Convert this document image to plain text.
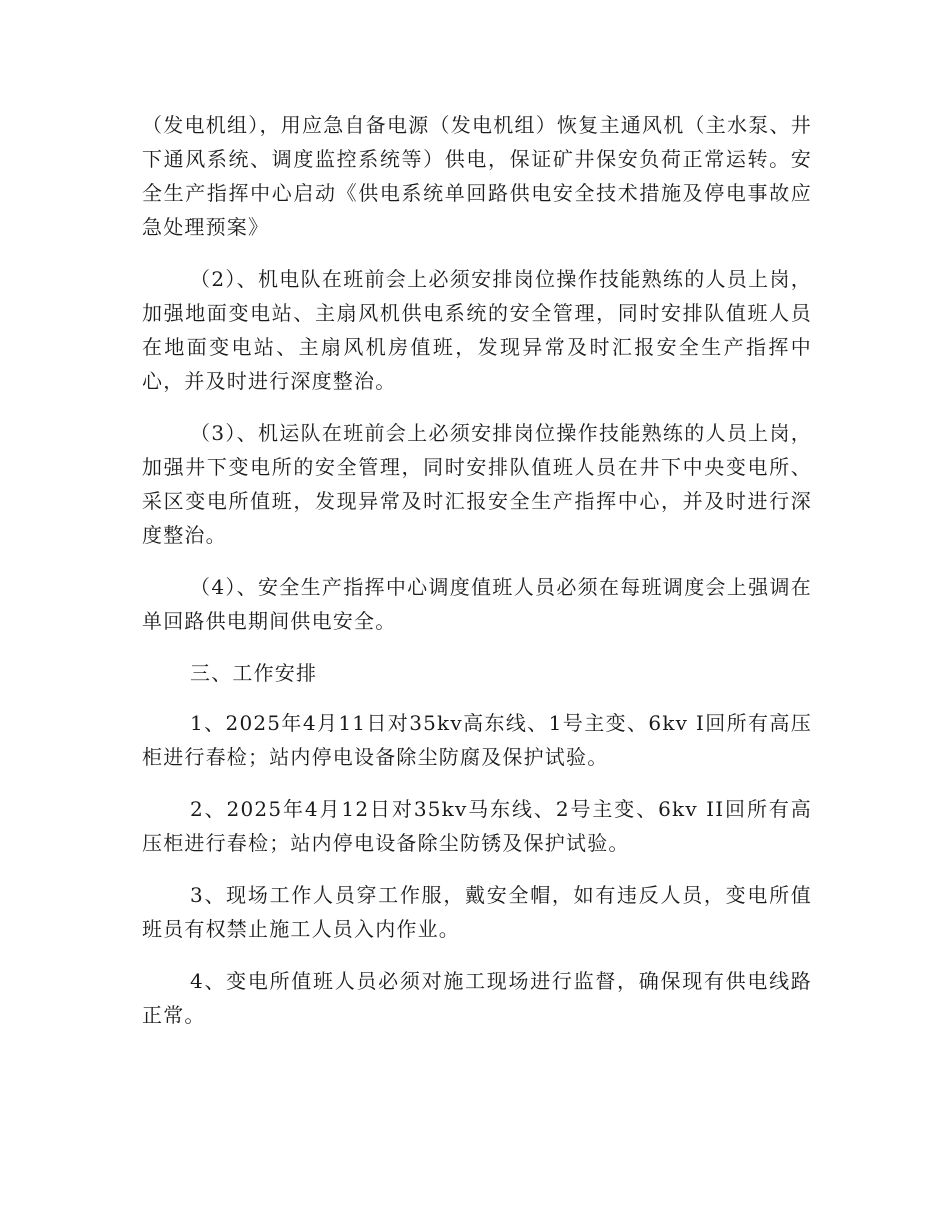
（发电机组），用应急自备电源（发电机组）恢复主通风机（主水泵、井下通风系统、调度监控系统等）供电，保证矿井保安负荷正常运转。安全生产指挥中心启动《供电系统单回路供电安全技术措施及停电事故应急处理预案》

（2）、机电队在班前会上必须安排岗位操作技能熟练的人员上岗，加强地面变电站、主扇风机供电系统的安全管理，同时安排队值班人员在地面变电站、主扇风机房值班，发现异常及时汇报安全生产指挥中心，并及时进行深度整治。

（3）、机运队在班前会上必须安排岗位操作技能熟练的人员上岗，加强井下变电所的安全管理，同时安排队值班人员在井下中央变电所、采区变电所值班，发现异常及时汇报安全生产指挥中心，并及时进行深度整治。

（4）、安全生产指挥中心调度值班人员必须在每班调度会上强调在单回路供电期间供电安全。

三、工作安排

1、2025年4月11日对35kv高东线、1号主变、6kv I回所有高压柜进行春检；站内停电设备除尘防腐及保护试验。

2、2025年4月12日对35kv马东线、2号主变、6kv II回所有高压柜进行春检；站内停电设备除尘防锈及保护试验。

3、现场工作人员穿工作服，戴安全帽，如有违反人员，变电所值班员有权禁止施工人员入内作业。

4、变电所值班人员必须对施工现场进行监督，确保现有供电线路正常。
